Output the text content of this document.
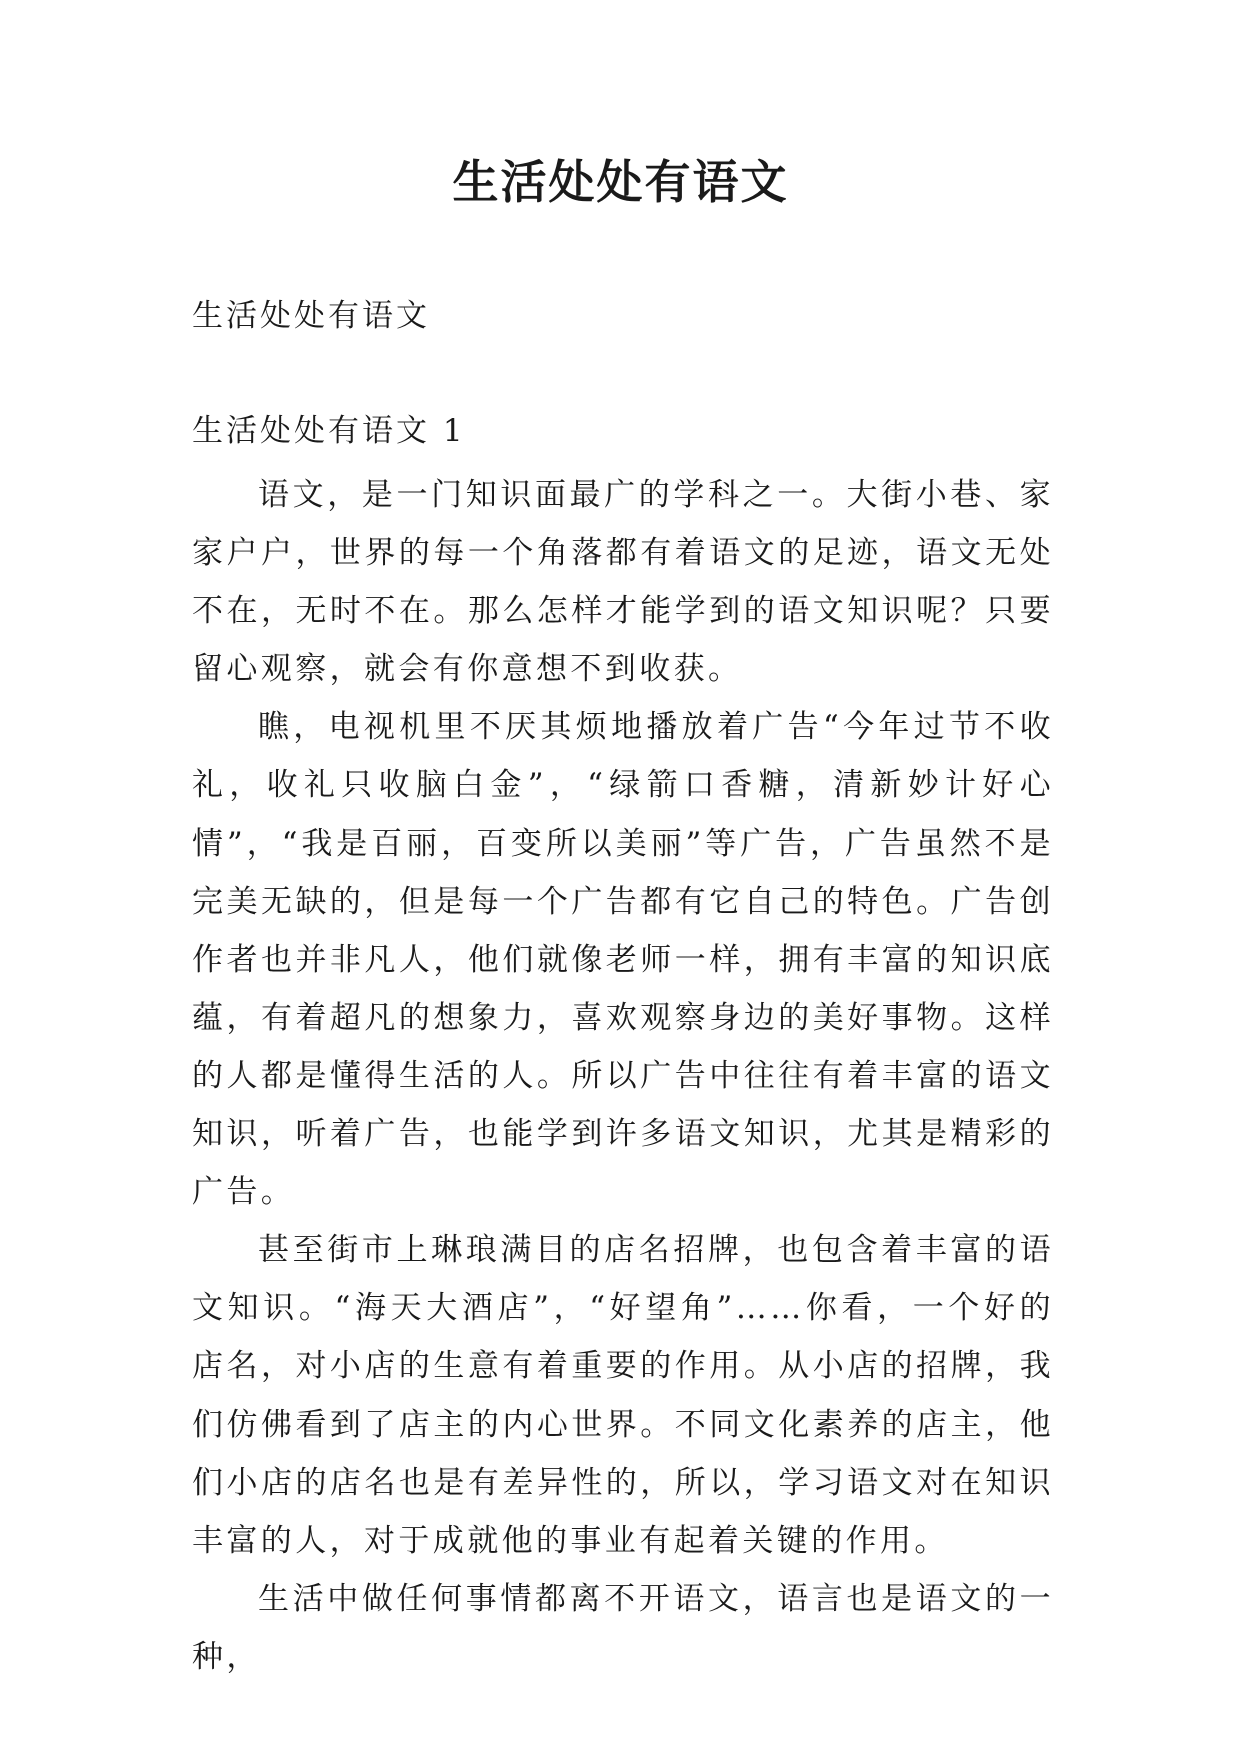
生活处处有语文
生活处处有语文
生活处处有语文 1

语文，是一门知识面最广的学科之一。大街小巷、家家户户，世界的每一个角落都有着语文的足迹，语文无处不在，无时不在。那么怎样才能学到的语文知识呢？只要留心观察，就会有你意想不到收获。

瞧，电视机里不厌其烦地播放着广告“今年过节不收礼，收礼只收脑白金”，“绿箭口香糖，清新妙计好心情”，“我是百丽，百变所以美丽”等广告，广告虽然不是完美无缺的，但是每一个广告都有它自己的特色。广告创作者也并非凡人，他们就像老师一样，拥有丰富的知识底蕴，有着超凡的想象力，喜欢观察身边的美好事物。这样的人都是懂得生活的人。所以广告中往往有着丰富的语文知识，听着广告，也能学到许多语文知识，尤其是精彩的广告。

甚至街市上琳琅满目的店名招牌，也包含着丰富的语文知识。“海天大酒店”，“好望角”……你看，一个好的店名，对小店的生意有着重要的作用。从小店的招牌，我们仿佛看到了店主的内心世界。不同文化素养的店主，他们小店的店名也是有差异性的，所以，学习语文对在知识丰富的人，对于成就他的事业有起着关键的作用。

生活中做任何事情都离不开语文，语言也是语文的一种，
